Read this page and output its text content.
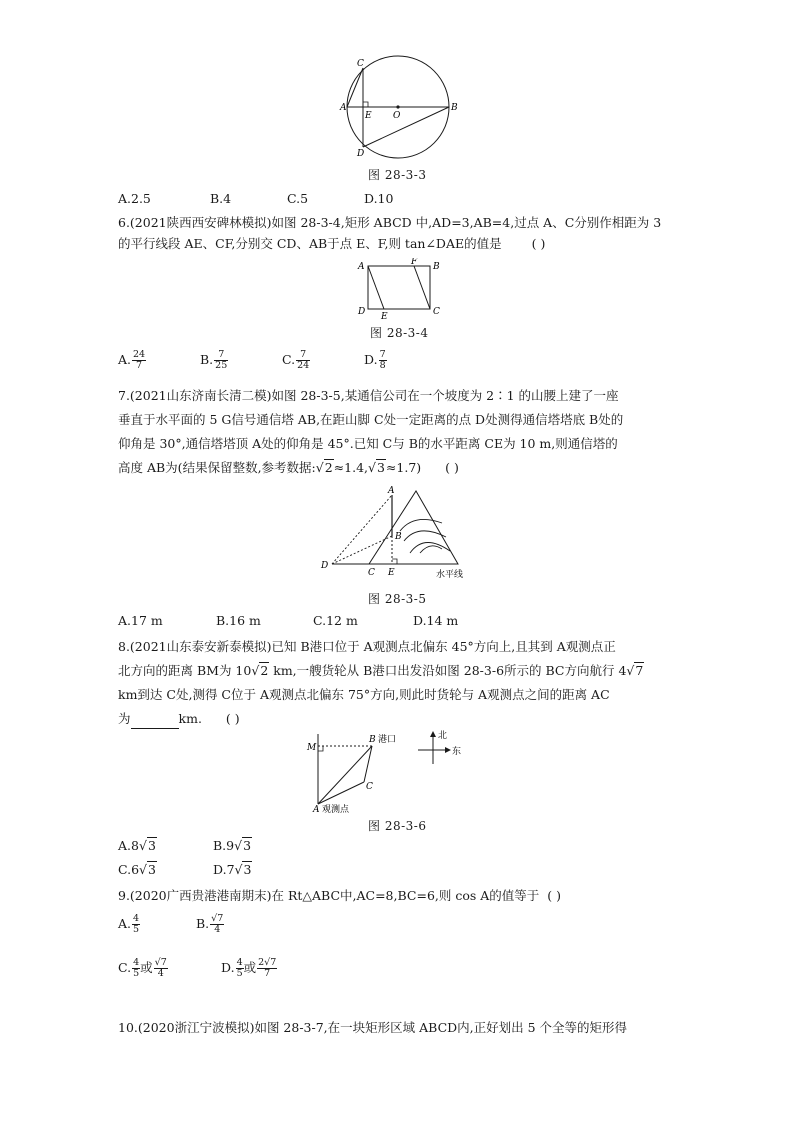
C
A
E O
B
D
图 28-3-3
A.2.5	B.4	C.5	D.10
6.(2021陕西西安碑林模拟)如图 28-3-4,矩形 ABCD 中,AD=3,AB=4,过点 A、C分别作相距为 3
的平行线段 AE、CF,分别交 CD、AB于点 E、F,则 tan∠DAE的值是 ( )
A	F B
D E	C
图 28-3-4
A. $\frac{24}{7}$	B. $\frac{7}{25}$	C. $\frac{7}{24}$	D. $\frac{7}{8}$
7.(2021山东济南长清二模)如图 28-3-5,某通信公司在一个坡度为 2∶1 的山腰上建了一座
垂直于水平面的 5 G信号通信塔 AB,在距山脚 C处一定距离的点 D处测得通信塔塔底 B处的
仰角是 30°,通信塔塔顶 A处的仰角是 45°.已知 C与 B的水平距离 CE为 10 m,则通信塔的
高度 AB为(结果保留整数,参考数据:√2≈1.4,√3≈1.7) ( )
A
B
D
C E	水平线
图 28-3-5
A.17 m	B.16 m	C.12 m	D.14 m
8.(2021山东泰安新泰模拟)已知 B港口位于 A观测点北偏东 45°方向上,且其到 A观测点正
北方向的距离 BM为 10√2 km,一艘货轮从 B港口出发沿如图 28-3-6所示的 BC方向航行 4√7
km到达 C处,测得 C位于 A观测点北偏东 75°方向,则此时货轮与 A观测点之间的距离 AC
为	km. ( )
M
B 港口
C
A 观测点
北
东
图 28-3-6
A.8√3	B.9√3
C.6√3	D.7√3
9.(2020广西贵港港南期末)在 Rt△ABC中,AC=8,BC=6,则 cos A的值等于 ( )
A. $\frac{4}{5}$	B. $\frac{√7}{4}$
C. $\frac{4}{5}$ 或 $\frac{√7}{4}$	D. $\frac{4}{5}$ 或 $\frac{2√7}{7}$
10.(2020浙江宁波模拟)如图 28-3-7,在一块矩形区域 ABCD内,正好划出 5 个全等的矩形得
